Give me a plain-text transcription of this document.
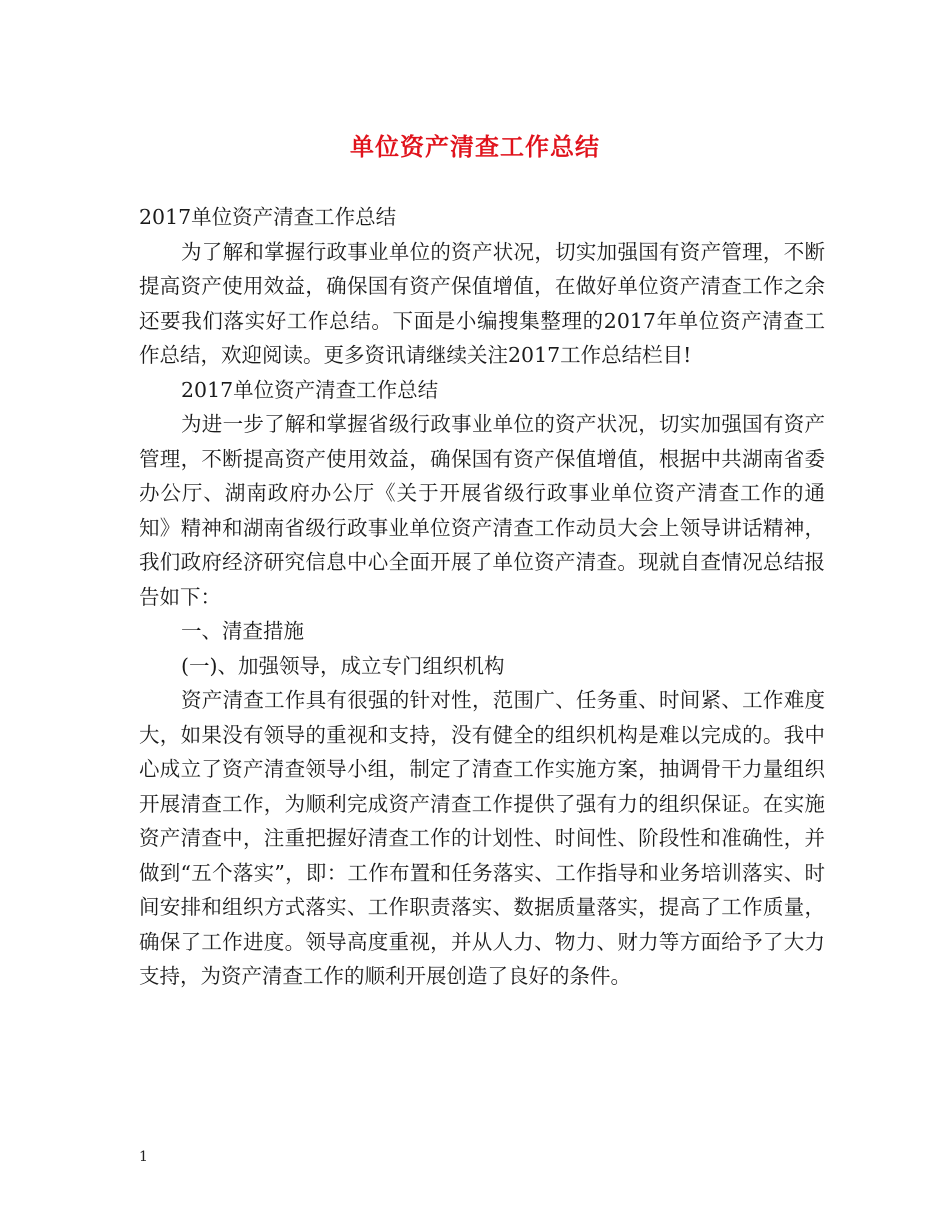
单位资产清查工作总结

2017单位资产清查工作总结

为了解和掌握行政事业单位的资产状况，切实加强国有资产管理，不断提高资产使用效益，确保国有资产保值增值，在做好单位资产清查工作之余还要我们落实好工作总结。下面是小编搜集整理的2017年单位资产清查工作总结，欢迎阅读。更多资讯请继续关注2017工作总结栏目!

2017单位资产清查工作总结

为进一步了解和掌握省级行政事业单位的资产状况，切实加强国有资产管理，不断提高资产使用效益，确保国有资产保值增值，根据中共湖南省委办公厅、湖南政府办公厅《关于开展省级行政事业单位资产清查工作的通知》精神和湖南省级行政事业单位资产清查工作动员大会上领导讲话精神，我们政府经济研究信息中心全面开展了单位资产清查。现就自查情况总结报告如下：

一、清查措施

(一)、加强领导，成立专门组织机构

资产清查工作具有很强的针对性，范围广、任务重、时间紧、工作难度大，如果没有领导的重视和支持，没有健全的组织机构是难以完成的。我中心成立了资产清查领导小组，制定了清查工作实施方案，抽调骨干力量组织开展清查工作，为顺利完成资产清查工作提供了强有力的组织保证。在实施资产清查中，注重把握好清查工作的计划性、时间性、阶段性和准确性，并做到“五个落实”，即：工作布置和任务落实、工作指导和业务培训落实、时间安排和组织方式落实、工作职责落实、数据质量落实，提高了工作质量，确保了工作进度。领导高度重视，并从人力、物力、财力等方面给予了大力支持，为资产清查工作的顺利开展创造了良好的条件。

1
